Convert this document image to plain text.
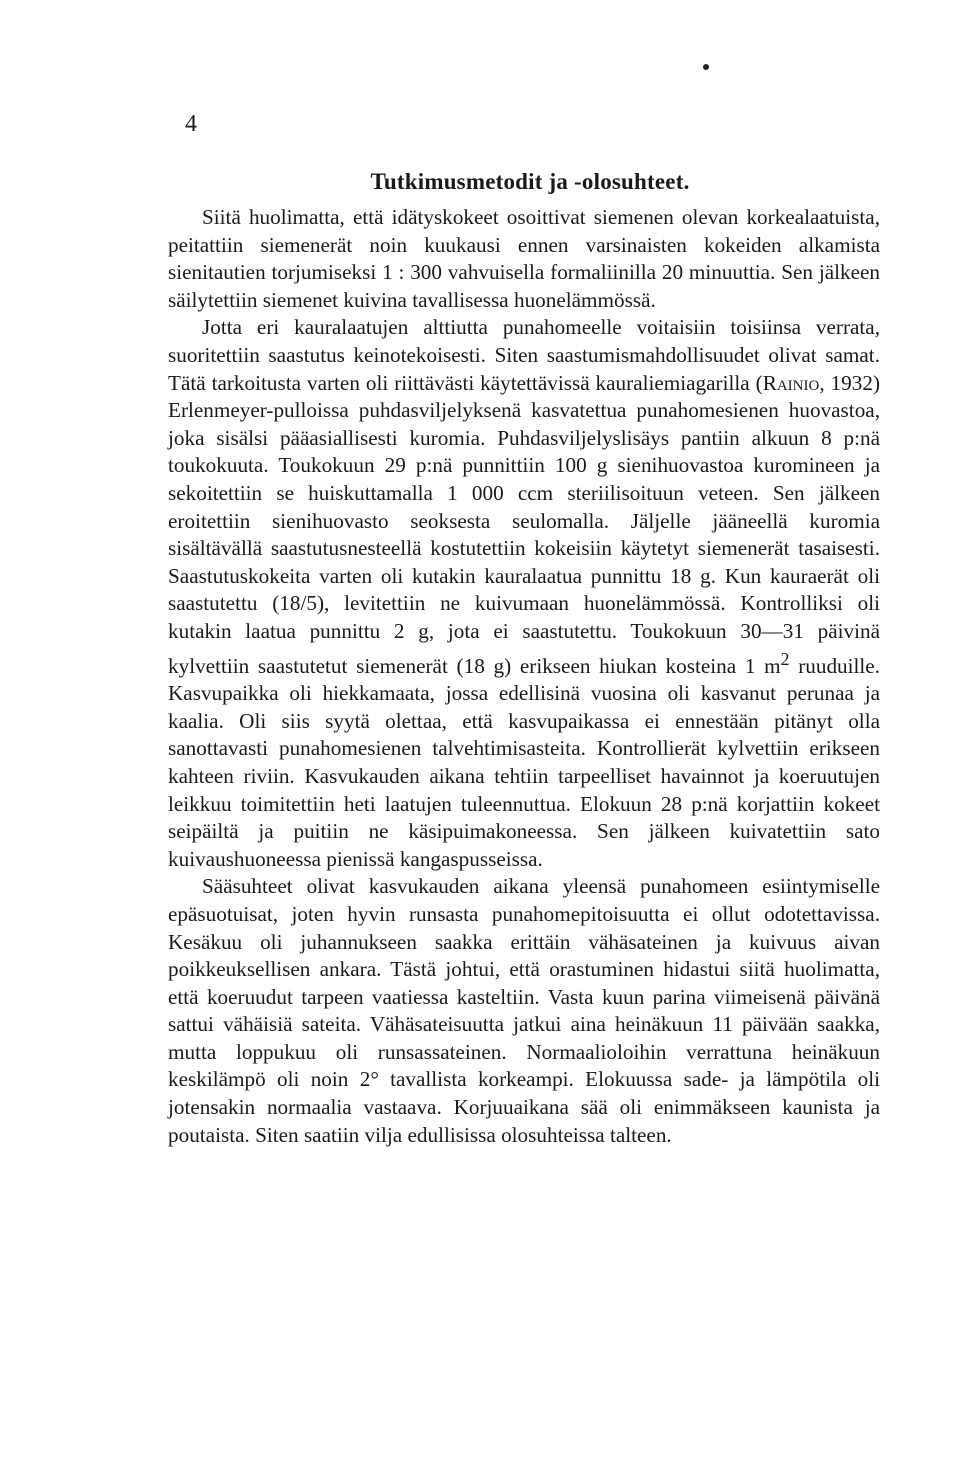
4
Tutkimusmetodit ja -olosuhteet.

Siitä huolimatta, että idätyskokeet osoittivat siemenen olevan korkealaatuista, peitattiin siemenerät noin kuukausi ennen varsinaisten kokeiden alkamista sienitautien torjumiseksi 1 : 300 vahvuisella formaliinilla 20 minuuttia. Sen jälkeen säilytettiin siemenet kuivina tavallisessa huonelämmössä.

Jotta eri kauralaatujen alttiutta punahomeelle voitaisiin toisiinsa verrata, suoritettiin saastutus keinotekoisesti. Siten saastumismahdollisuudet olivat samat. Tätä tarkoitusta varten oli riittävästi käytettävissä kauraliemiagarilla (Rainio, 1932) Erlenmeyer-pulloissa puhdasviljelyksenä kasvatettua punahomesienen huovastoa, joka sisälsi pääasiallisesti kuromia. Puhdasviljelyslisäys pantiin alkuun 8 p:nä toukokuuta. Toukokuun 29 p:nä punnittiin 100 g sienihuovastoa kuromineen ja sekoitettiin se huiskuttamalla 1 000 ccm steriilisoituun veteen. Sen jälkeen eroitettiin sienihuovasto seoksesta seulomalla. Jäljelle jääneellä kuromia sisältävällä saastutusnesteellä kostutettiin kokeisiin käytetyt siemenerät tasaisesti. Saastutuskokeita varten oli kutakin kauralaatua punnittu 18 g. Kun kauraerät oli saastutettu (18/5), levitettiin ne kuivumaan huonelämmössä. Kontrolliksi oli kutakin laatua punnittu 2 g, jota ei saastutettu. Toukokuun 30—31 päivinä kylvettiin saastutetut siemenerät (18 g) erikseen hiukan kosteina 1 $m^2$ ruuduille. Kasvupaikka oli hiekkamaata, jossa edellisinä vuosina oli kasvanut perunaa ja kaalia. Oli siis syytä olettaa, että kasvupaikassa ei ennestään pitänyt olla sanottavasti punahomesienen talvehtimisasteita. Kontrollierät kylvettiin erikseen kahteen riviin. Kasvukauden aikana tehtiin tarpeelliset havainnot ja koeruutujen leikkuu toimitettiin heti laatujen tuleennuttua. Elokuun 28 p:nä korjattiin kokeet seipäiltä ja puitiin ne käsipuimakoneessa. Sen jälkeen kuivatettiin sato kuivaushuoneessa pienissä kangaspusseissa.

Sääsuhteet olivat kasvukauden aikana yleensä punahomeen esiintymiselle epäsuotuisat, joten hyvin runsasta punahomepitoisuutta ei ollut odotettavissa. Kesäkuu oli juhannukseen saakka erittäin vähäsateinen ja kuivuus aivan poikkeuksellisen ankara. Tästä johtui, että orastuminen hidastui siitä huolimatta, että koeruudut tarpeen vaatiessa kasteltiin. Vasta kuun parina viimeisenä päivänä sattui vähäisiä sateita. Vähäsateisuutta jatkui aina heinäkuun 11 päivään saakka, mutta loppukuu oli runsassateinen. Normaalioloihin verrattuna heinäkuun keskilämpö oli noin 2° tavallista korkeampi. Elokuussa sade- ja lämpötila oli jotensakin normaalia vastaava. Korjuuaikana sää oli enimmäkseen kaunista ja poutaista. Siten saatiin vilja edullisissa olosuhteissa talteen.
